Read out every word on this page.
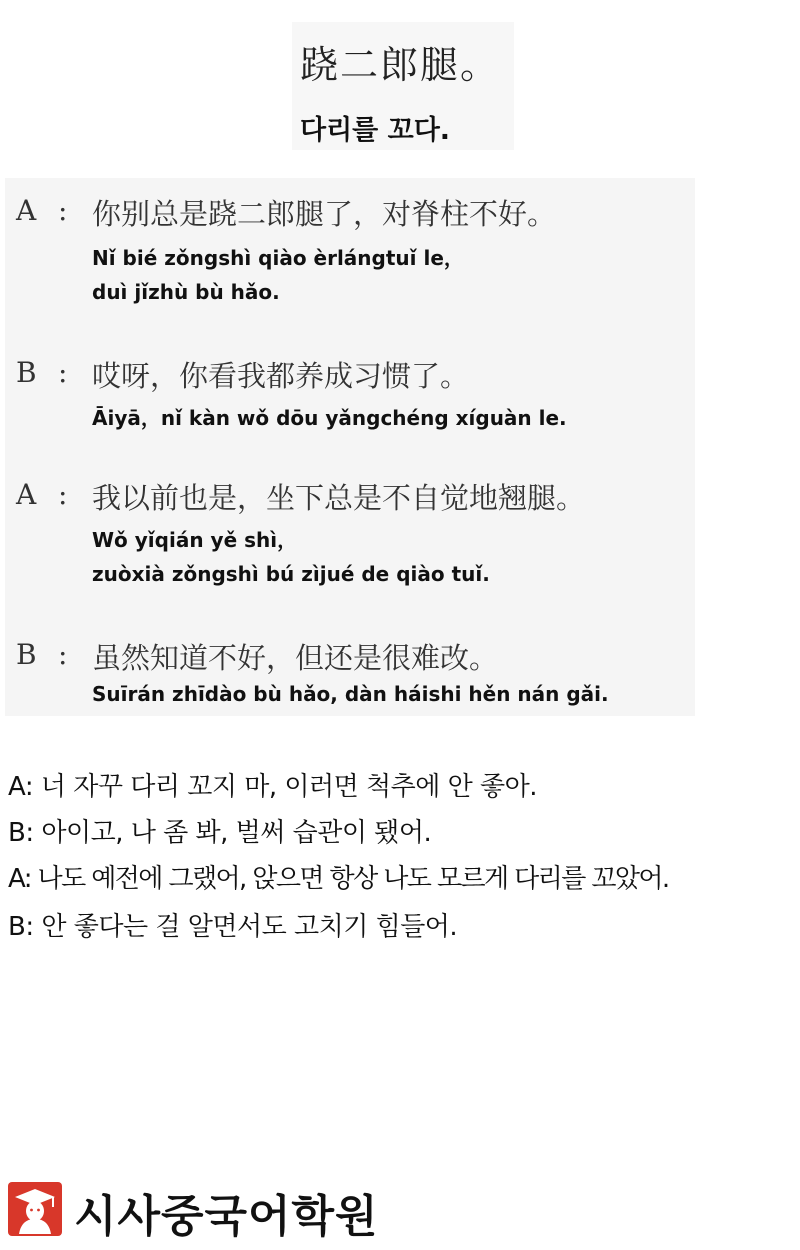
跷二郎腿。
다리를 꼬다.
A : 你别总是跷二郎腿了，对脊柱不好。
Nǐ bié zǒngshì qiào èrlángtuǐ le，
duì jǐzhù bù hǎo.
B : 哎呀，你看我都养成习惯了。
Āiyā，nǐ kàn wǒ dōu yǎngchéng xíguàn le.
A : 我以前也是，坐下总是不自觉地翘腿。
Wǒ yǐqián yě shì，
zuòxià zǒngshì bú zìjué de qiào tuǐ.
B : 虽然知道不好，但还是很难改。
Suīrán zhīdào bù hǎo, dàn háishi hěn nán gǎi.
A: 너 자꾸 다리 꼬지 마, 이러면 척추에 안 좋아.
B: 아이고, 나 좀 봐, 벌써 습관이 됐어.
A: 나도 예전에 그랬어, 앉으면 항상 나도 모르게 다리를 꼬았어.
B: 안 좋다는 걸 알면서도 고치기 힘들어.
시사중국어학원
